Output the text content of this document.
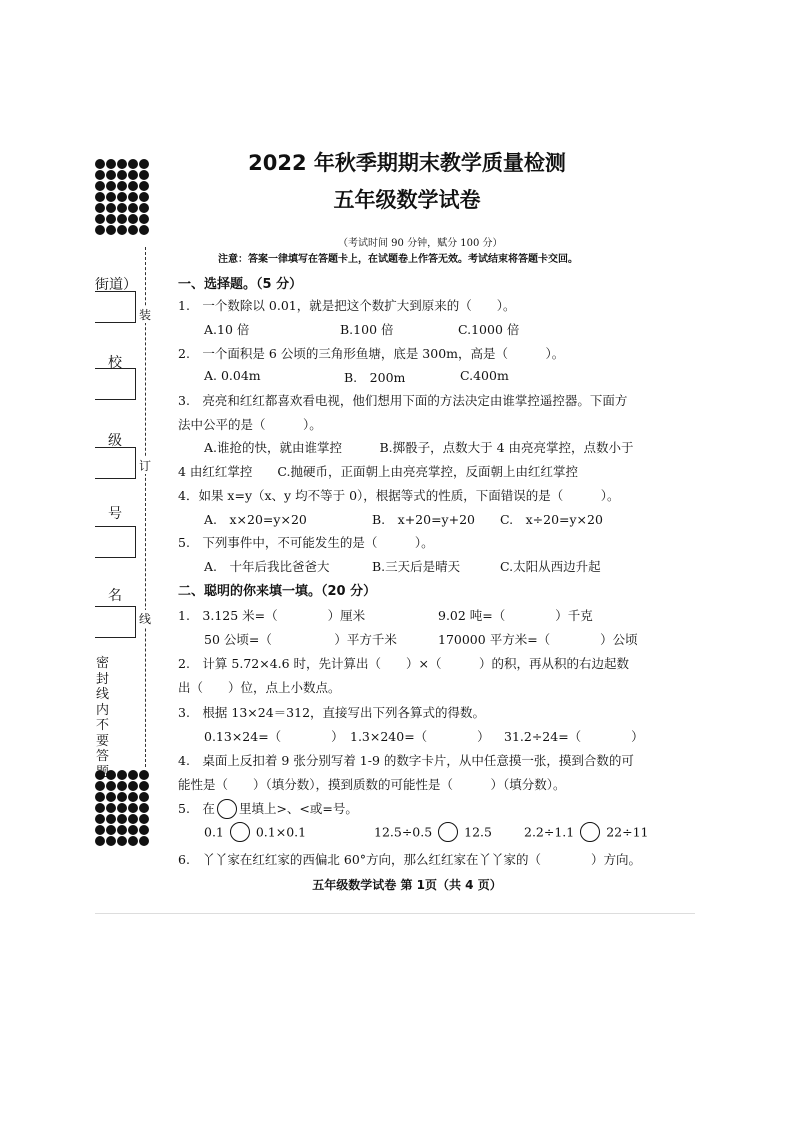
装
订
线
街道）
校
级
号
名
密封线内不要答题
2022 年秋季期期末教学质量检测
五年级数学试卷
（考试时间 90 分钟，赋分 100 分）
注意：答案一律填写在答题卡上，在试题卷上作答无效。考试结束将答题卡交回。
一、选择题。（5 分）
1.　一个数除以 0.01，就是把这个数扩大到原来的（　　）。
A.10 倍	B.100 倍	C.1000 倍
2.　一个面积是 6 公顷的三角形鱼塘，底是 300m，高是（　　　）。
A. 0.04m	B.　200m	C.400m
3.　亮亮和红红都喜欢看电视，他们想用下面的方法决定由谁掌控遥控器。下面方
法中公平的是（　　　）。
A.谁抢的快，就由谁掌控　　　B.掷骰子，点数大于 4 由亮亮掌控，点数小于
4 由红红掌控　　C.抛硬币，正面朝上由亮亮掌控，反面朝上由红红掌控
4．如果 x=y（x、y 均不等于 0），根据等式的性质，下面错误的是（　　　）。
A.　x×20=y×20	B.　x+20=y+20 C.　x÷20=y×20
5.　下列事件中，不可能发生的是（　　　）。
A.　十年后我比爸爸大	B.三天后是晴天	C.太阳从西边升起
二、聪明的你来填一填。（20 分）
1.　3.125 米=（　　　　）厘米	9.02 吨=（　　　　）千克
50 公顷=（　　　　　）平方千米	170000 平方米=（　　　　）公顷
2.　计算 5.72×4.6 时，先计算出（　　）×（　　　）的积，再从积的右边起数
出（　　）位，点上小数点。
3.　根据 13×24＝312，直接写出下列各算式的得数。
0.13×24=（　　　　） 1.3×240=（　　　　） 31.2÷24=（　　　　）
4.　桌面上反扣着 9 张分别写着 1-9 的数字卡片，从中任意摸一张，摸到合数的可
能性是（　　）（填分数），摸到质数的可能性是（　　　）（填分数）。
5.　在 里填上>、<或=号。
0.1	0.1×0.1	12.5÷0.5	12.5	2.2÷1.1	22÷11
6.　丫丫家在红红家的西偏北 60°方向，那么红红家在丫丫家的（　　　　）方向。
五年级数学试卷 第 1页（共 4 页）
